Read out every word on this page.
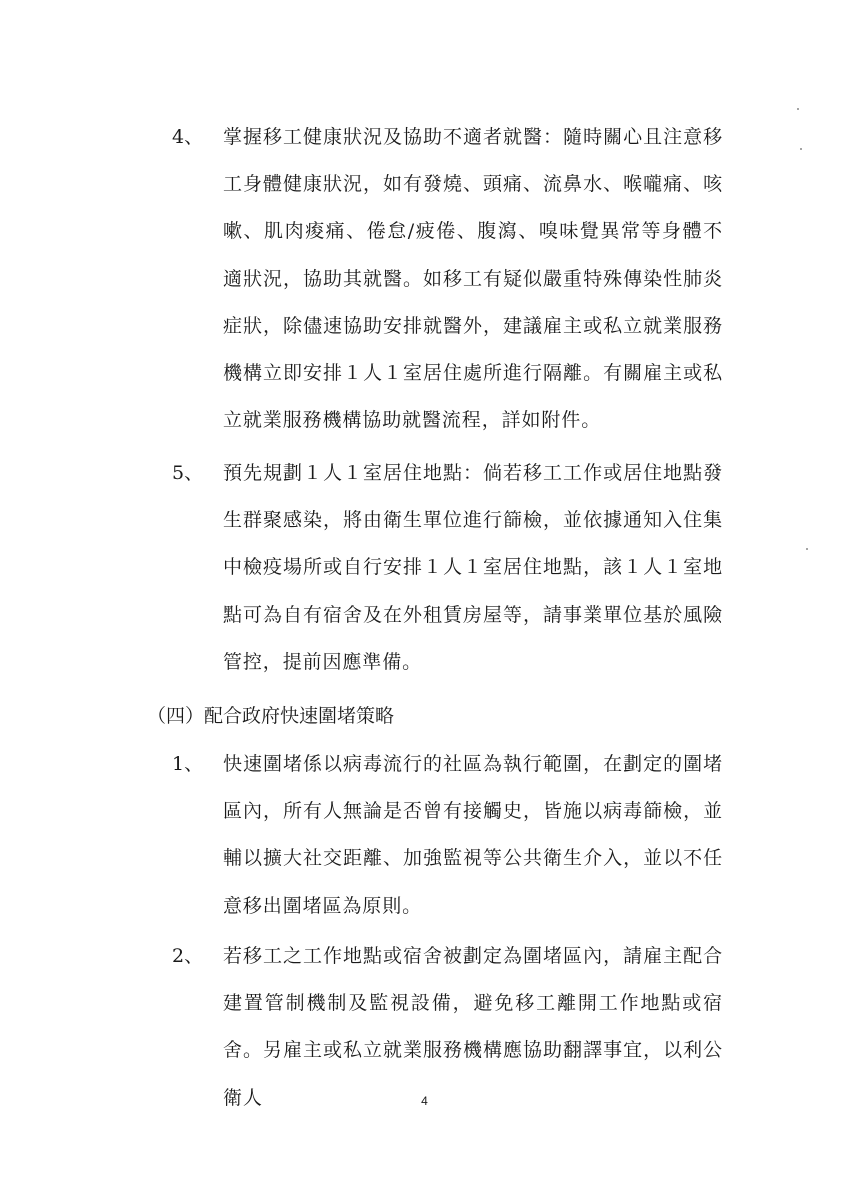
4、 掌握移工健康狀況及協助不適者就醫：隨時關心且注意移工身體健康狀況，如有發燒、頭痛、流鼻水、喉嚨痛、咳嗽、肌肉痠痛、倦怠/疲倦、腹瀉、嗅味覺異常等身體不適狀況，協助其就醫。如移工有疑似嚴重特殊傳染性肺炎症狀，除儘速協助安排就醫外，建議雇主或私立就業服務機構立即安排１人１室居住處所進行隔離。有關雇主或私立就業服務機構協助就醫流程，詳如附件。
5、 預先規劃１人１室居住地點：倘若移工工作或居住地點發生群聚感染，將由衛生單位進行篩檢，並依據通知入住集中檢疫場所或自行安排１人１室居住地點，該１人１室地點可為自有宿舍及在外租賃房屋等，請事業單位基於風險管控，提前因應準備。
（四）配合政府快速圍堵策略
1、 快速圍堵係以病毒流行的社區為執行範圍，在劃定的圍堵區內，所有人無論是否曾有接觸史，皆施以病毒篩檢，並輔以擴大社交距離、加強監視等公共衛生介入，並以不任意移出圍堵區為原則。
2、 若移工之工作地點或宿舍被劃定為圍堵區內，請雇主配合建置管制機制及監視設備，避免移工離開工作地點或宿舍。另雇主或私立就業服務機構應協助翻譯事宜，以利公衛人	4
